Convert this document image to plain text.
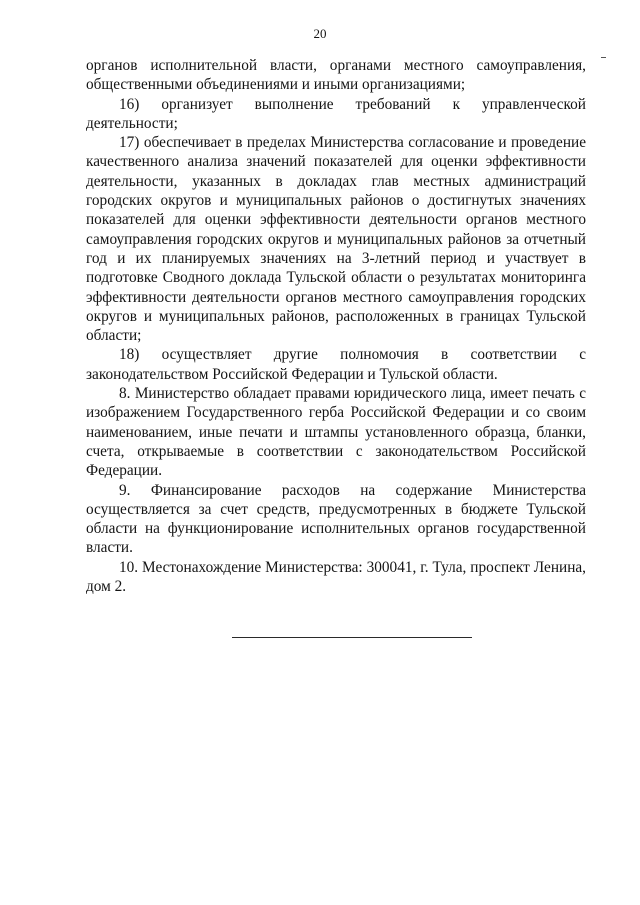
20

органов исполнительной власти, органами местного самоуправления, общественными объединениями и иными организациями;

16) организует выполнение требований к управленческой деятельности;

17) обеспечивает в пределах Министерства согласование и проведение качественного анализа значений показателей для оценки эффективности деятельности, указанных в докладах глав местных администраций городских округов и муниципальных районов о достигнутых значениях показателей для оценки эффективности деятельности органов местного самоуправления городских округов и муниципальных районов за отчетный год и их планируемых значениях на 3-летний период и участвует в подготовке Сводного доклада Тульской области о результатах мониторинга эффективности деятельности органов местного самоуправления городских округов и муниципальных районов, расположенных в границах Тульской области;

18) осуществляет другие полномочия в соответствии с законодательством Российской Федерации и Тульской области.

8. Министерство обладает правами юридического лица, имеет печать с изображением Государственного герба Российской Федерации и со своим наименованием, иные печати и штампы установленного образца, бланки, счета, открываемые в соответствии с законодательством Российской Федерации.

9. Финансирование расходов на содержание Министерства осуществляется за счет средств, предусмотренных в бюджете Тульской области на функционирование исполнительных органов государственной власти.

10. Местонахождение Министерства: 300041, г. Тула, проспект Ленина, дом 2.
